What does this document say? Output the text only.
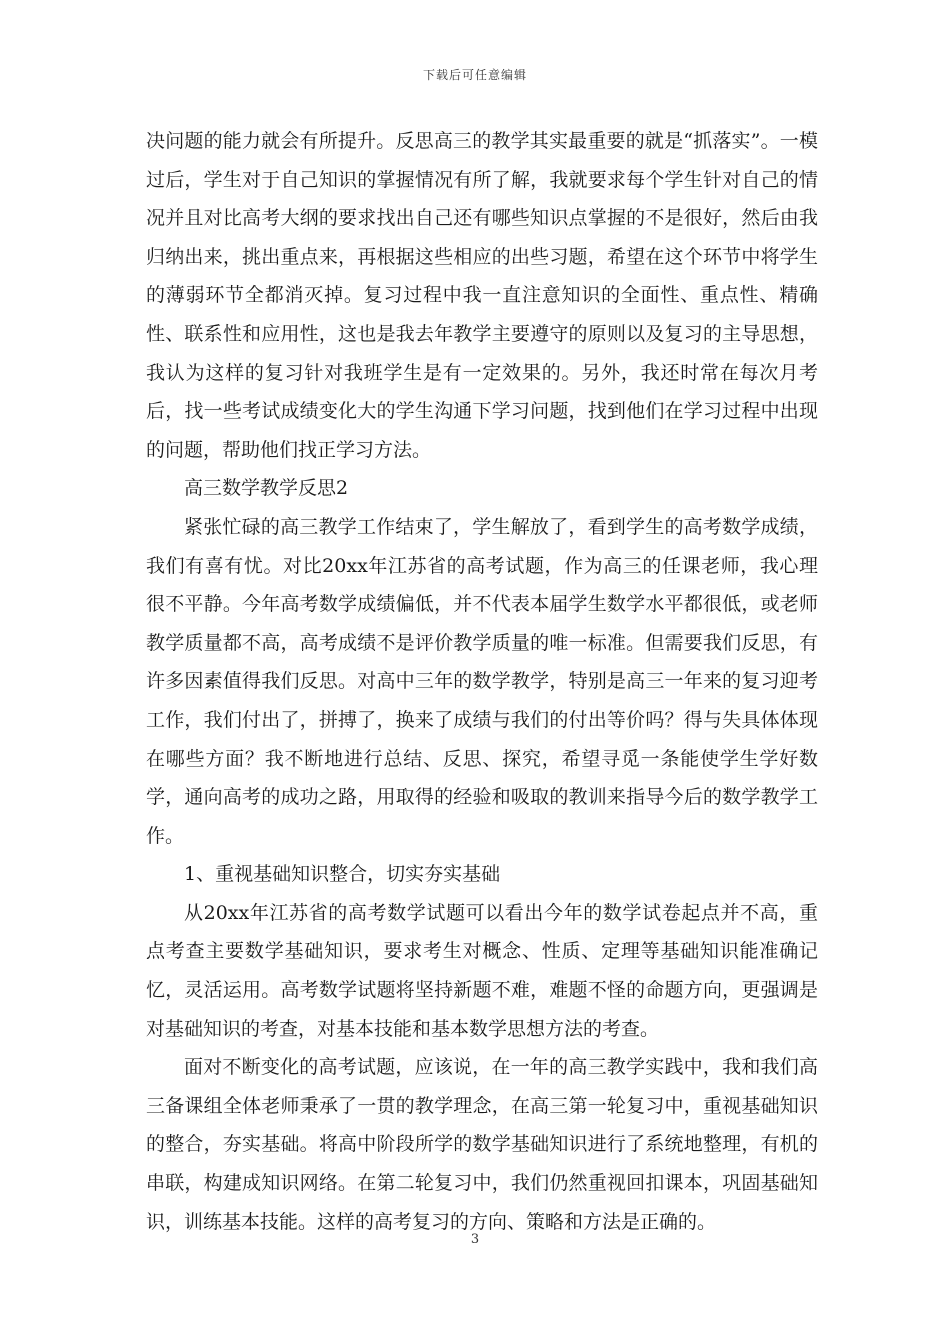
下载后可任意编辑

决问题的能力就会有所提升。反思高三的教学其实最重要的就是“抓落实”。一模过后，学生对于自己知识的掌握情况有所了解，我就要求每个学生针对自己的情况并且对比高考大纲的要求找出自己还有哪些知识点掌握的不是很好，然后由我归纳出来，挑出重点来，再根据这些相应的出些习题，希望在这个环节中将学生的薄弱环节全都消灭掉。复习过程中我一直注意知识的全面性、重点性、精确性、联系性和应用性，这也是我去年教学主要遵守的原则以及复习的主导思想，我认为这样的复习针对我班学生是有一定效果的。另外，我还时常在每次月考后，找一些考试成绩变化大的学生沟通下学习问题，找到他们在学习过程中出现的问题，帮助他们找正学习方法。

高三数学教学反思2

紧张忙碌的高三教学工作结束了，学生解放了，看到学生的高考数学成绩，我们有喜有忧。对比20xx年江苏省的高考试题，作为高三的任课老师，我心理很不平静。今年高考数学成绩偏低，并不代表本届学生数学水平都很低，或老师教学质量都不高，高考成绩不是评价教学质量的唯一标准。但需要我们反思，有许多因素值得我们反思。对高中三年的数学教学，特别是高三一年来的复习迎考工作，我们付出了，拼搏了，换来了成绩与我们的付出等价吗？得与失具体体现在哪些方面？我不断地进行总结、反思、探究，希望寻觅一条能使学生学好数学，通向高考的成功之路，用取得的经验和吸取的教训来指导今后的数学教学工作。

1、重视基础知识整合，切实夯实基础

从20xx年江苏省的高考数学试题可以看出今年的数学试卷起点并不高，重点考查主要数学基础知识，要求考生对概念、性质、定理等基础知识能准确记忆，灵活运用。高考数学试题将坚持新题不难，难题不怪的命题方向，更强调是对基础知识的考查，对基本技能和基本数学思想方法的考查。

面对不断变化的高考试题，应该说，在一年的高三教学实践中，我和我们高三备课组全体老师秉承了一贯的教学理念，在高三第一轮复习中，重视基础知识的整合，夯实基础。将高中阶段所学的数学基础知识进行了系统地整理，有机的串联，构建成知识网络。在第二轮复习中，我们仍然重视回扣课本，巩固基础知识，训练基本技能。这样的高考复习的方向、策略和方法是正确的。

3
